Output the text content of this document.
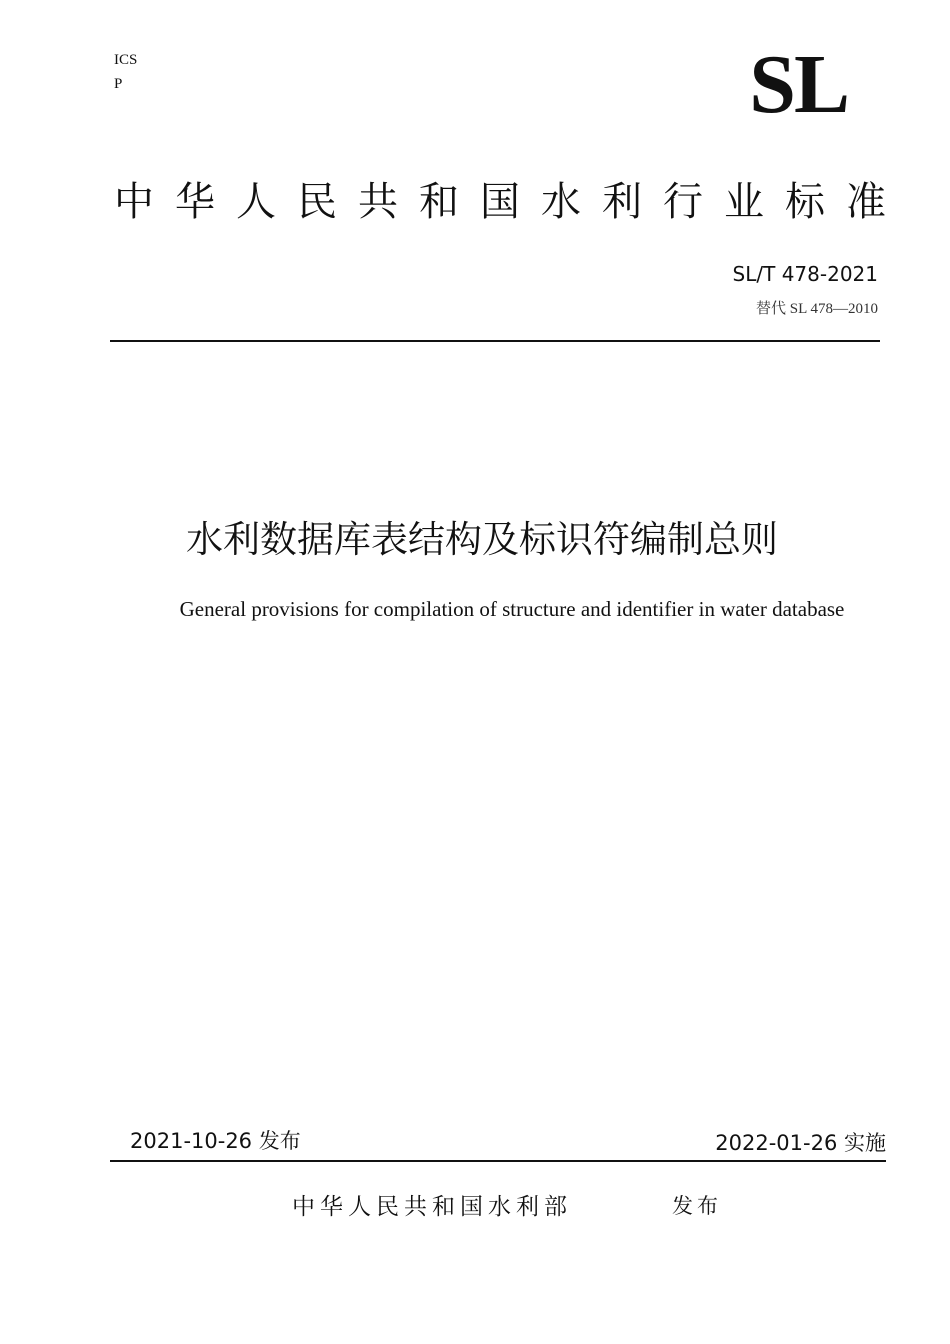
ICS
P	SL
中华人民共和国水利行业标准
SL/T 478-2021
替代 SL 478—2010
水利数据库表结构及标识符编制总则
General provisions for compilation of structure and identifier in water database
2021-10-26 发布	2022-01-26 实施
中华人民共和国水利部	发布
